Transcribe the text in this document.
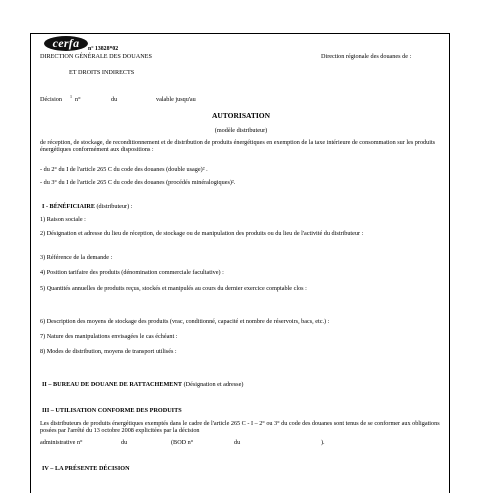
cerfa	n° 13828*02
DIRECTION GÉNÉRALE DES DOUANES
ET DROITS INDIRECTS
Direction régionale des douanes de :
Décision 1 n°	du	valable jusqu'au
AUTORISATION
(modèle distributeur)
de réception, de stockage, de reconditionnement et de distribution de produits énergétiques en exemption de la taxe intérieure de consommation sur les produits énergétiques conformément aux dispositions :
- du 2° du I de l'article 265 C du code des douanes (double usage)² .
- du 3° du I de l'article 265 C du code des douanes (procédés minéralogiques)².
I - BÉNÉFICIAIRE (distributeur) :
1) Raison sociale :
2) Désignation et adresse du lieu de réception, de stockage ou de manipulation des produits ou du lieu de l'activité du distributeur :
3) Référence de la demande :
4) Position tarifaire des produits (dénomination commerciale facultative) :
5) Quantités annuelles de produits reçus, stockés et manipulés au cours du dernier exercice comptable clos :
6) Description des moyens de stockage des produits (vrac, conditionné, capacité et nombre de réservoirs, bacs, etc.) :
7) Nature des manipulations envisagées le cas échéant :
8) Modes de distribution, moyens de transport utilisés :
II – BUREAU DE DOUANE DE RATTACHEMENT (Désignation et adresse)
III – UTILISATION CONFORME DES PRODUITS
Les distributeurs de produits énergétiques exemptés dans le cadre de l'article 265 C - I – 2° ou 3° du code des douanes sont tenus de se conformer aux obligations posées par l'arrêté du 13 octobre 2008 explicitées par la décision
administrative n°	du	(BOD n°	du	).
IV – LA PRÉSENTE DÉCISION
